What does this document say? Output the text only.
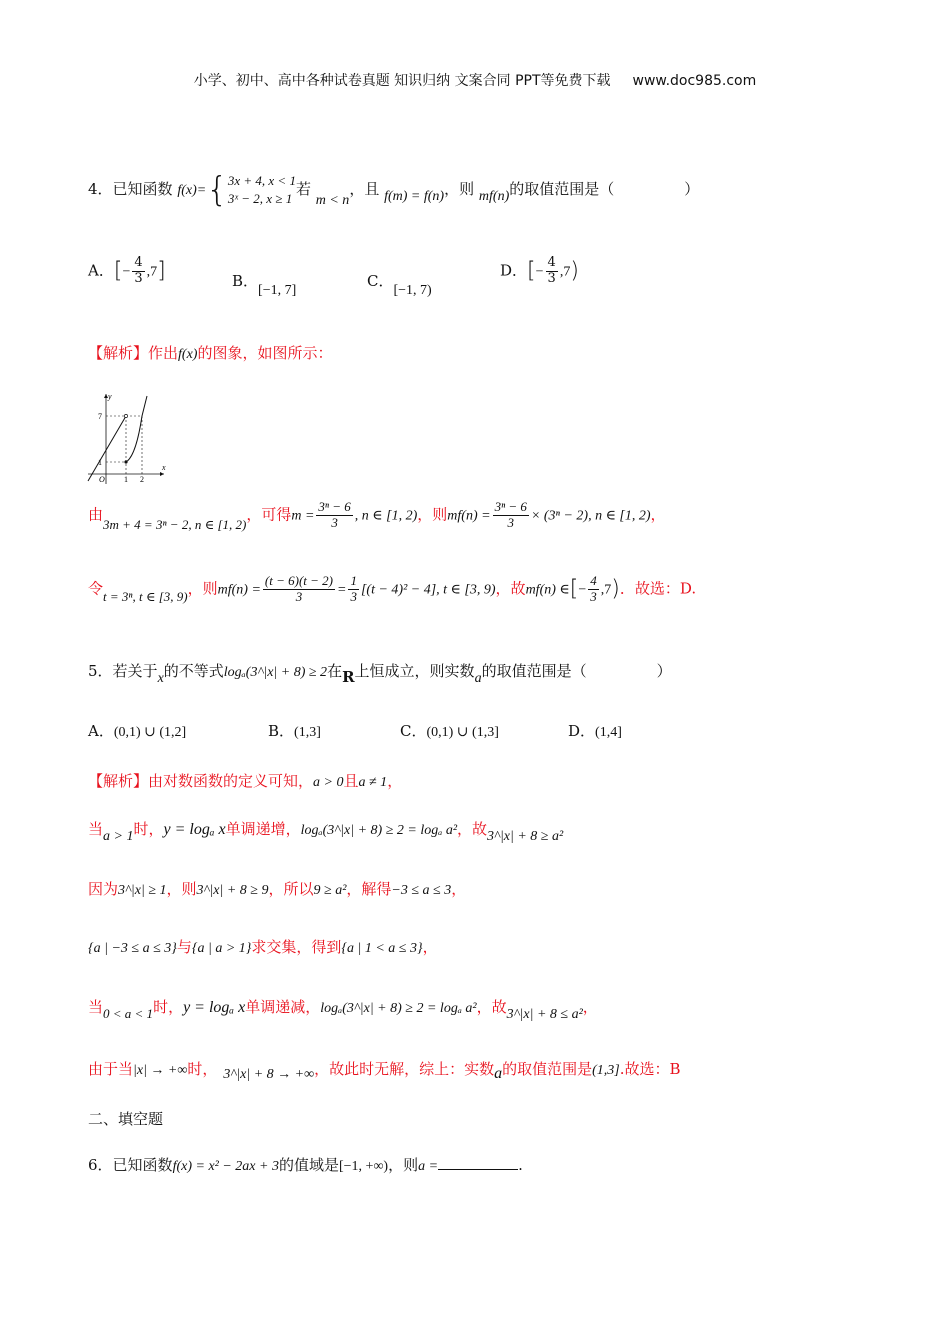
小学、初中、高中各种试卷真题 知识归纳 文案合同 PPT等免费下载 www.doc985.com
4．已知函数 f(x)={ 3x + 4, x < 1
3ˣ − 2, x ≥ 1
若 m < n，且 f(m) = f(n)，则 mf(n)的取值范围是（	）
A．[− $\frac{4}{3} ,7$]	B．[−1, 7]
C．[−1, 7)
D．[− $\frac{4}{3} ,7$)
【解析】作出f(x)的图象，如图所示：
y
x
7
1
O 1 2
由3m + 4 = 3ⁿ − 2, n ∈ [1, 2)，可得$m = \frac{\text{3ⁿ − 6}}{3}$ , n ∈ [1, 2)，则$mf(n) = \frac{\text{3ⁿ − 6}}{3} \times (3^n - 2)$, n ∈ [1, 2)，
令t = 3ⁿ, t ∈ [3, 9)，则$mf(n) = \frac{(t - 6)(t - 2)}{3} = \frac{1}{3} [(t - 4)^2 - 4]$, t ∈ [3, 9)，故mf(n) ∈[− $\frac{4}{3} ,7$)．故选：D.
5．若关于x的不等式logₐ(3^|x| + 8) ≥ 2在R上恒成立，则实数a的取值范围是（	）
A．(0,1) ∪ (1,2]	B．(1,3]	C．(0,1) ∪ (1,3]	D．(1,4]
【解析】由对数函数的定义可知，a > 0且a ≠ 1，
当a > 1时，y = logₐ x单调递增，logₐ(3^|x| + 8) ≥ 2 = logₐ a²，故3^|x| + 8 ≥ a²
因为3^|x| ≥ 1，则3^|x| + 8 ≥ 9，所以9 ≥ a²，解得−3 ≤ a ≤ 3，
{a | −3 ≤ a ≤ 3}与{a | a > 1}求交集，得到{a | 1 < a ≤ 3}，
当0 < a < 1时，y = logₐ x单调递减，logₐ(3^|x| + 8) ≥ 2 = logₐ a²，故3^|x| + 8 ≤ a²，
由于当|x| → +∞时， 3^|x| + 8 → +∞，故此时无解，综上：实数a的取值范围是(1,3].故选：B
二、填空题
6．已知函数f(x) = x² − 2ax + 3的值域是[−1, +∞)，则a =	.
